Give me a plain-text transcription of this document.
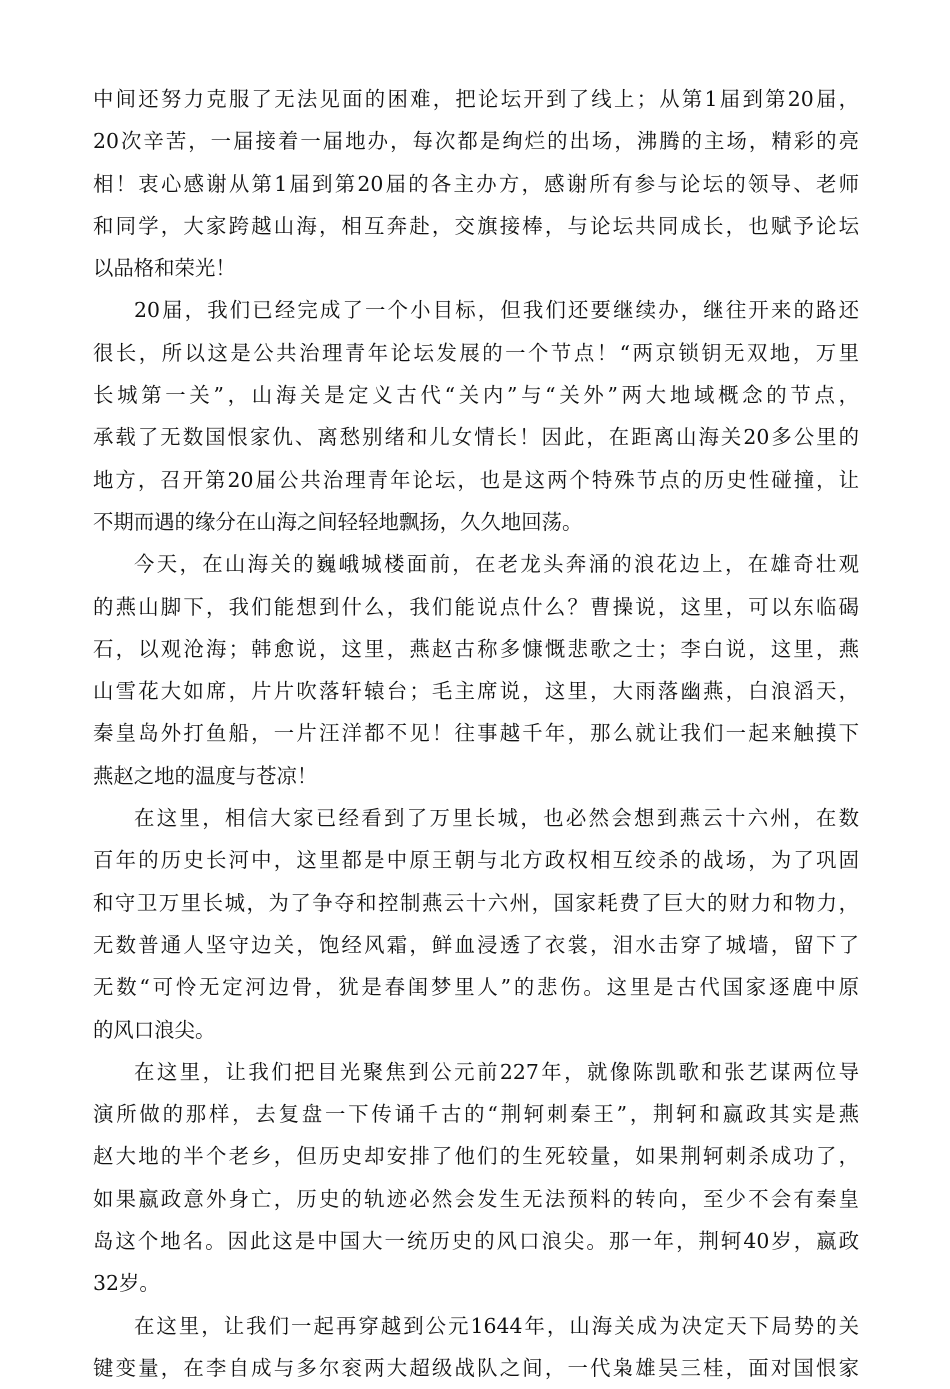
中间还努力克服了无法见面的困难，把论坛开到了线上；从第1届到第20届，
20次辛苦，一届接着一届地办，每次都是绚烂的出场，沸腾的主场，精彩的亮
相！衷心感谢从第1届到第20届的各主办方，感谢所有参与论坛的领导、老师
和同学，大家跨越山海，相互奔赴，交旗接棒，与论坛共同成长，也赋予论坛
以品格和荣光！
20届，我们已经完成了一个小目标，但我们还要继续办，继往开来的路还
很长，所以这是公共治理青年论坛发展的一个节点！“两京锁钥无双地，万里
长城第一关”，山海关是定义古代“关内”与“关外”两大地域概念的节点，
承载了无数国恨家仇、离愁别绪和儿女情长！因此，在距离山海关20多公里的
地方，召开第20届公共治理青年论坛，也是这两个特殊节点的历史性碰撞，让
不期而遇的缘分在山海之间轻轻地飘扬，久久地回荡。
今天，在山海关的巍峨城楼面前，在老龙头奔涌的浪花边上，在雄奇壮观
的燕山脚下，我们能想到什么，我们能说点什么？曹操说，这里，可以东临碣
石，以观沧海；韩愈说，这里，燕赵古称多慷慨悲歌之士；李白说，这里，燕
山雪花大如席，片片吹落轩辕台；毛主席说，这里，大雨落幽燕，白浪滔天，
秦皇岛外打鱼船，一片汪洋都不见！往事越千年，那么就让我们一起来触摸下
燕赵之地的温度与苍凉！
在这里，相信大家已经看到了万里长城，也必然会想到燕云十六州，在数
百年的历史长河中，这里都是中原王朝与北方政权相互绞杀的战场，为了巩固
和守卫万里长城，为了争夺和控制燕云十六州，国家耗费了巨大的财力和物力，
无数普通人坚守边关，饱经风霜，鲜血浸透了衣裳，泪水击穿了城墙，留下了
无数“可怜无定河边骨，犹是春闺梦里人”的悲伤。这里是古代国家逐鹿中原
的风口浪尖。
在这里，让我们把目光聚焦到公元前227年，就像陈凯歌和张艺谋两位导
演所做的那样，去复盘一下传诵千古的“荆轲刺秦王”，荆轲和嬴政其实是燕
赵大地的半个老乡，但历史却安排了他们的生死较量，如果荆轲刺杀成功了，
如果嬴政意外身亡，历史的轨迹必然会发生无法预料的转向，至少不会有秦皇
岛这个地名。因此这是中国大一统历史的风口浪尖。那一年，荆轲40岁，嬴政
32岁。
在这里，让我们一起再穿越到公元1644年，山海关成为决定天下局势的关
键变量，在李自成与多尔衮两大超级战队之间，一代枭雄吴三桂，面对国恨家
